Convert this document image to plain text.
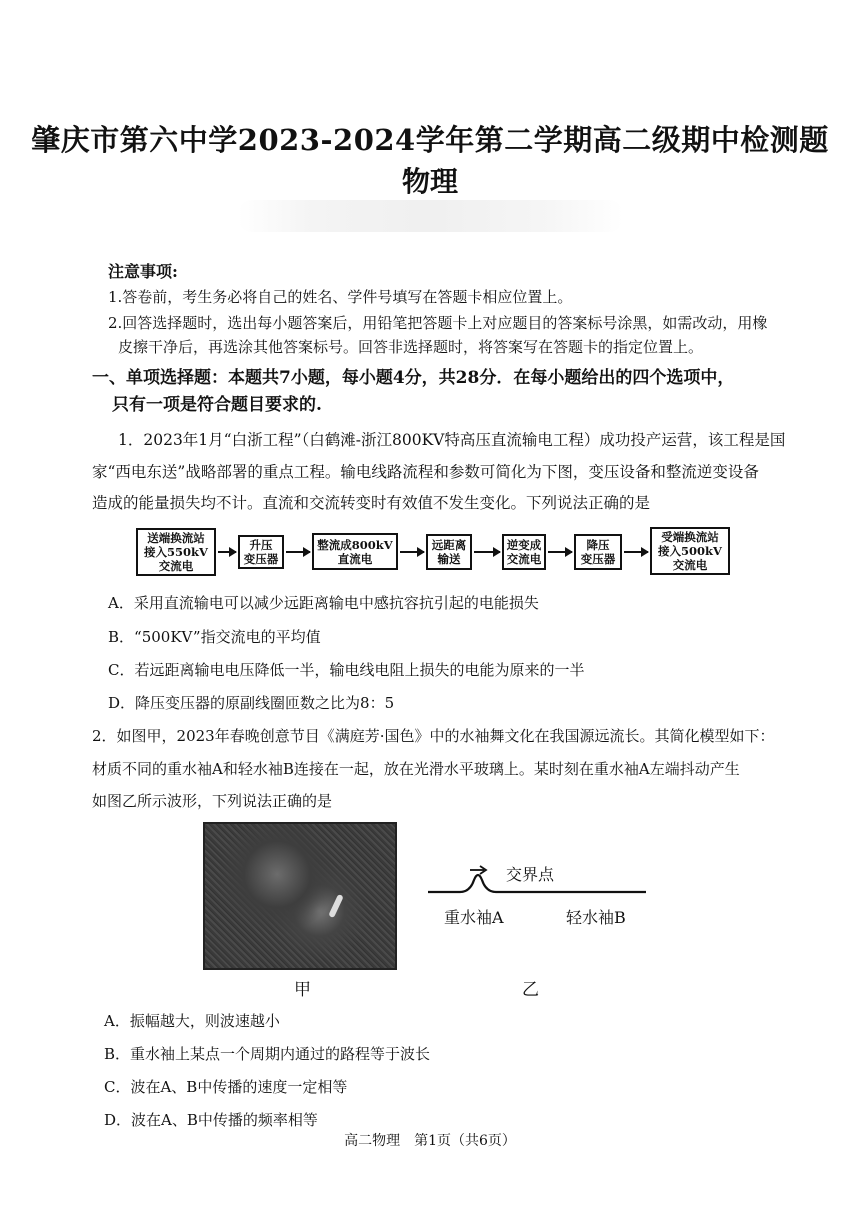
肇庆市第六中学2023-2024学年第二学期高二级期中检测题
物理
注意事项:
1.答卷前，考生务必将自己的姓名、学件号填写在答题卡相应位置上。
2.回答选择题时，选出每小题答案后，用铅笔把答题卡上对应题目的答案标号涂黑，如需改动，用橡
皮擦干净后，再选涂其他答案标号。回答非选择题时，将答案写在答题卡的指定位置上。
一、单项选择题：本题共7小题，每小题4分，共28分．在每小题给出的四个选项中，
只有一项是符合题目要求的.
1．2023年1月“白浙工程”（白鹤滩-浙江800KV特高压直流输电工程）成功投产运营，该工程是国
家“西电东送”战略部署的重点工程。输电线路流程和参数可简化为下图，变压设备和整流逆变设备
造成的能量损失均不计。直流和交流转变时有效值不发生变化。下列说法正确的是
送端换流站
接入550kV
交流电
升压
变压器
整流成800kV
直流电
远距离
输送
逆变成
交流电
降压
变压器
受端换流站
接入500kV
交流电
A．采用直流输电可以减少远距离输电中感抗容抗引起的电能损失
B．“500KV”指交流电的平均值
C．若远距离输电电压降低一半，输电线电阻上损失的电能为原来的一半
D．降压变压器的原副线圈匝数之比为8：5
2．如图甲，2023年春晚创意节目《满庭芳·国色》中的水袖舞文化在我国源远流长。其简化模型如下：
材质不同的重水袖A和轻水袖B连接在一起，放在光滑水平玻璃上。某时刻在重水袖A左端抖动产生
如图乙所示波形，下列说法正确的是
甲
交界点
重水袖A	轻水袖B
乙
A．振幅越大，则波速越小
B．重水袖上某点一个周期内通过的路程等于波长
C．波在A、B中传播的速度一定相等
D．波在A、B中传播的频率相等
高二物理　第1页（共6页）
